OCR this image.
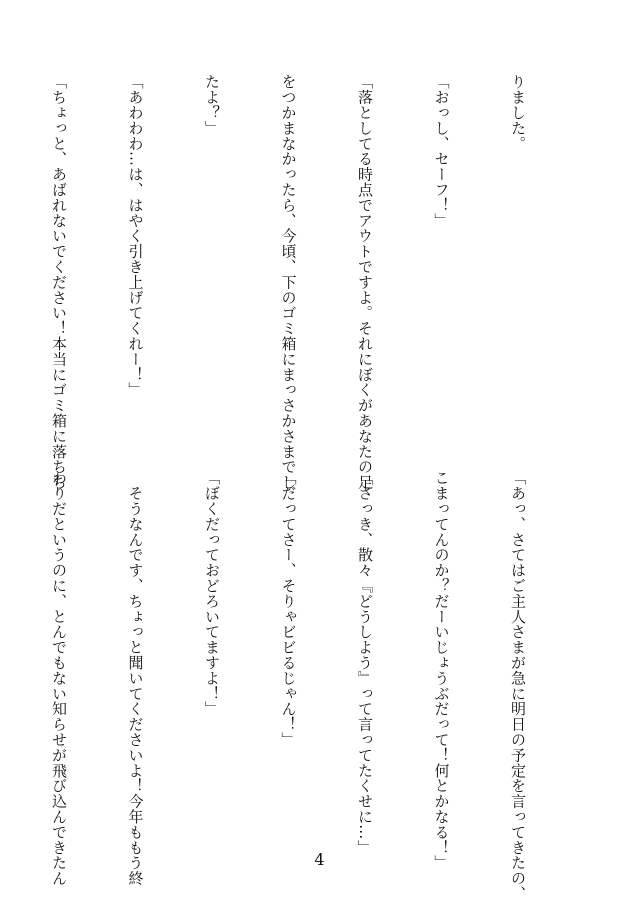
りました。

「おっし、セーフ！」

「落としてる時点でアウトですよ。それにぼくがあなたの足

をつかまなかったら、今頃、下のゴミ箱にまっさかさまでし

たよ？」

「あわわわ…は、はやく引き上げてくれー！」

「ちょっと、あばれないでください！本当にゴミ箱に落ちち

「あっ、さてはご主人さまが急に明日の予定を言ってきたの、

こまってんのか？だーいじょうぶだって！何とかなる！」

「さっき、散々『どうしよう』って言ってたくせに…」

「だってさー、そりゃビビるじゃん！」

「ぼくだっておどろいてますよ！」

　そうなんです、ちょっと聞いてくださいよ！今年ももう終

わりだというのに、とんでもない知らせが飛び込んできたん

	4
